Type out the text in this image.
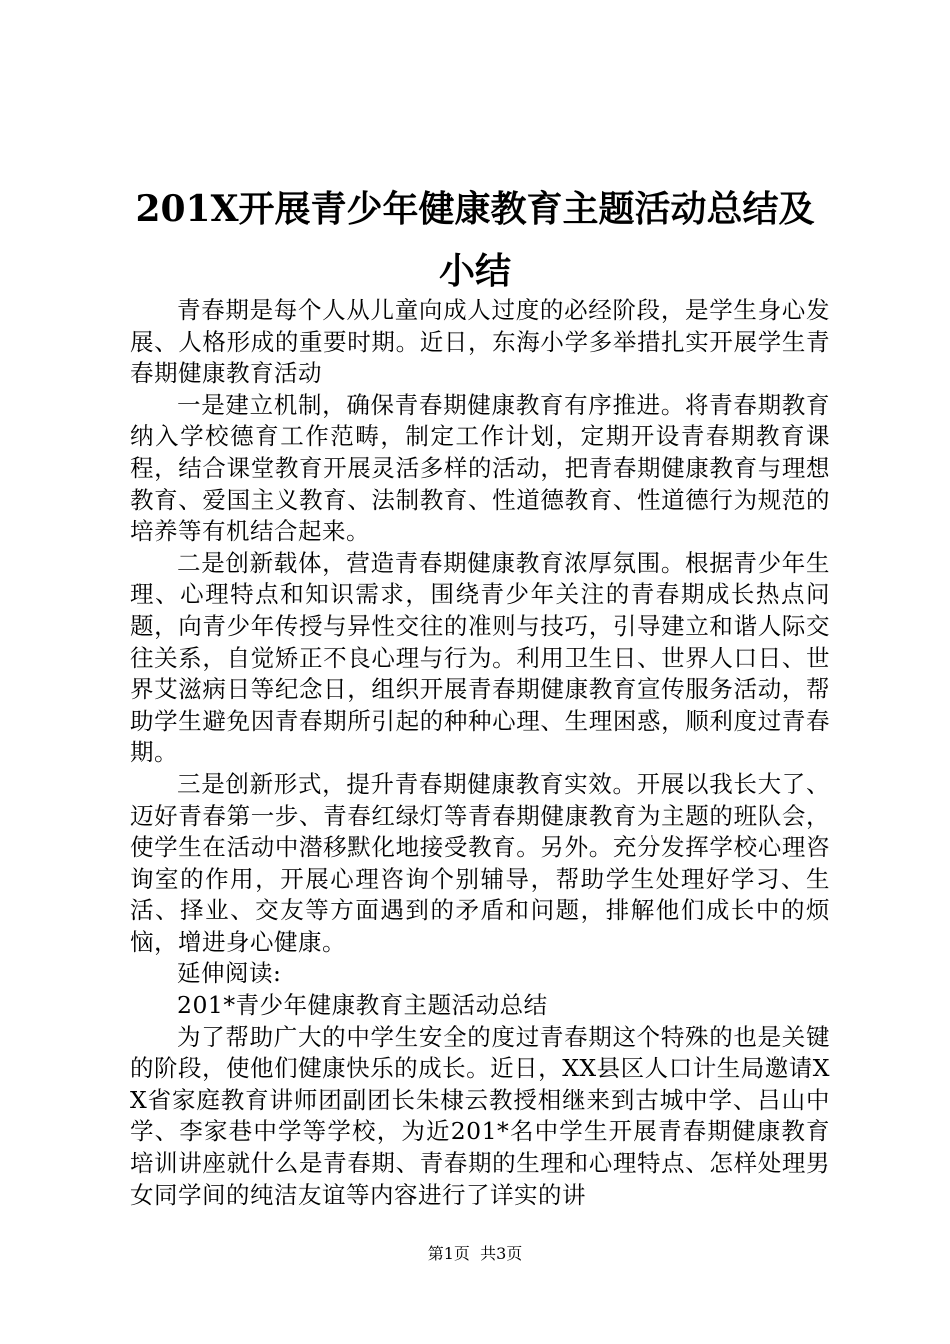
201X开展青少年健康教育主题活动总结及小结

青春期是每个人从儿童向成人过度的必经阶段，是学生身心发展、人格形成的重要时期。近日，东海小学多举措扎实开展学生青春期健康教育活动

一是建立机制，确保青春期健康教育有序推进。将青春期教育纳入学校德育工作范畴，制定工作计划，定期开设青春期教育课程，结合课堂教育开展灵活多样的活动，把青春期健康教育与理想教育、爱国主义教育、法制教育、性道德教育、性道德行为规范的培养等有机结合起来。

二是创新载体，营造青春期健康教育浓厚氛围。根据青少年生理、心理特点和知识需求，围绕青少年关注的青春期成长热点问题，向青少年传授与异性交往的准则与技巧，引导建立和谐人际交往关系，自觉矫正不良心理与行为。利用卫生日、世界人口日、世界艾滋病日等纪念日，组织开展青春期健康教育宣传服务活动，帮助学生避免因青春期所引起的种种心理、生理困惑，顺利度过青春期。

三是创新形式，提升青春期健康教育实效。开展以我长大了、迈好青春第一步、青春红绿灯等青春期健康教育为主题的班队会，使学生在活动中潜移默化地接受教育。另外。充分发挥学校心理咨询室的作用，开展心理咨询个别辅导，帮助学生处理好学习、生活、择业、交友等方面遇到的矛盾和问题，排解他们成长中的烦恼，增进身心健康。

延伸阅读:

201*青少年健康教育主题活动总结

为了帮助广大的中学生安全的度过青春期这个特殊的也是关键的阶段，使他们健康快乐的成长。近日，XX县区人口计生局邀请XX省家庭教育讲师团副团长朱棣云教授相继来到古城中学、吕山中学、李家巷中学等学校，为近201*名中学生开展青春期健康教育培训讲座就什么是青春期、青春期的生理和心理特点、怎样处理男女同学间的纯洁友谊等内容进行了详实的讲

第1页 共3页
